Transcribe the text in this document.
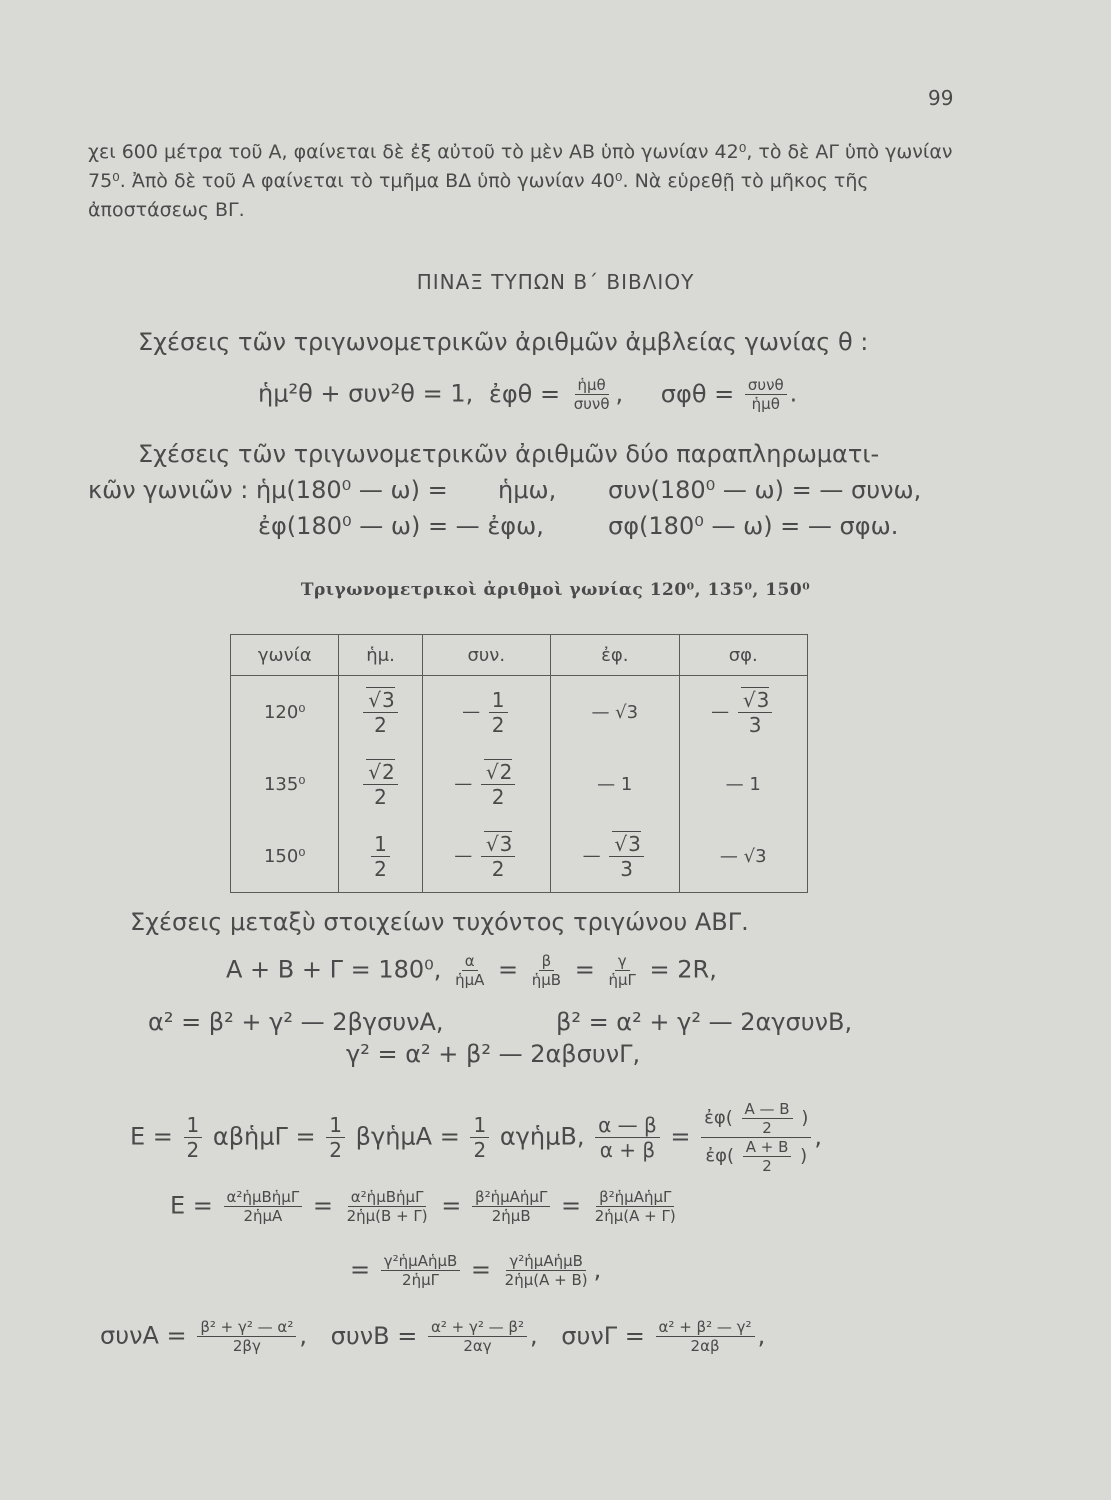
99
χει 600 μέτρα τοῦ Α, φαίνεται δὲ ἐξ αὐτοῦ τὸ μὲν ΑΒ ὑπὸ γωνίαν 42⁰, τὸ δὲ ΑΓ ὑπὸ γωνίαν 75⁰. Ἀπὸ δὲ τοῦ Α φαίνεται τὸ τμῆμα ΒΔ ὑπὸ γωνίαν 40⁰. Νὰ εὑρεθῇ τὸ μῆκος τῆς ἀποστάσεως ΒΓ.
ΠΙΝΑΞ ΤΥΠΩΝ Β΄ ΒΙΒΛΙΟΥ
Σχέσεις τῶν τριγωνομετρικῶν ἀριθμῶν ἀμβλείας γωνίας θ :
ἡμ²θ + συν²θ = 1, ἐφθ = $\frac{\text{ἡμθ}}{\text{συνθ}}$ , $\sigma\varphi\theta = \frac{\text{συνθ}}{\text{ἡμθ}}$ .
Σχέσεις τῶν τριγωνομετρικῶν ἀριθμῶν δύο παραπληρωματι-
κῶν γωνιῶν : ἡμ(180⁰ — ω) = ἡμω, συν(180⁰ — ω) = — συνω,
ἐφ(180⁰ — ω) = — ἐφω,	σφ(180⁰ — ω) = — σφω.
Τριγωνομετρικοὶ ἀριθμοὶ γωνίας 120⁰, 135⁰, 150⁰
γωνία	ἡμ.	συν.	ἐφ.	σφ.
120⁰	√ $\frac{3}{2}$	— $\frac{1}{2}$	— √3	— √ $\frac{3}{3}$

135⁰	√ $\frac{2}{2}$	— √ $\frac{2}{2}$	— 1	— 1
150⁰	$\frac{1}{2}$	— √ $\frac{3}{2}$	— √ $\frac{3}{3}$	— √3
Σχέσεις μεταξὺ στοιχείων τυχόντος τριγώνου ΑΒΓ.
Α + Β + Γ = 180⁰, $\frac{\alpha}{\text{ἡμΑ}} = \frac{\beta}{\text{ἡμΒ}} = \frac{\gamma}{\text{ἡμΓ}} = 2R$,
α² = β² + γ² — 2βγσυνΑ,	β² = α² + γ² — 2αγσυνΒ,
γ² = α² + β² — 2αβσυνΓ,
$E = \frac{1}{2}$ αβἡμΓ = $\frac{1}{2}$ βγἡμΑ = $\frac{1}{2}$ αγἡμΒ, $\frac{\alpha — \beta}{\alpha + \beta} = \frac{ἐ\varphi( \frac{A — B}{2} )}{ἐ\varphi( \frac{A + B}{2} )}$ ,
$E = \frac{\text{α²ἡμΒἡμΓ}}{\text{2ἡμΑ}} = \frac{\text{α²ἡμΒἡμΓ}}{\text{2ἡμ(Β + Γ)}} = \frac{\text{β²ἡμΑἡμΓ}}{\text{2ἡμΒ}} = \frac{\text{β²ἡμΑἡμΓ}}{\text{2ἡμ(Α + Γ)}}$
= $\frac{\text{γ²ἡμΑἡμΒ}}{\text{2ἡμΓ}} = \frac{\text{γ²ἡμΑἡμΒ}}{\text{2ἡμ(Α + Β)}}$ ,
$\sigma\upsilon\nu A = \frac{\text{β² + γ² — α²}}{2\beta\gamma}$ , $\sigma\upsilon\nu B = \frac{\text{α² + γ² — β²}}{2\alpha\gamma}$ , $\sigma\upsilon\nu\Gamma = \frac{\text{α² + β² — γ²}}{2\alpha\beta}$ ,
